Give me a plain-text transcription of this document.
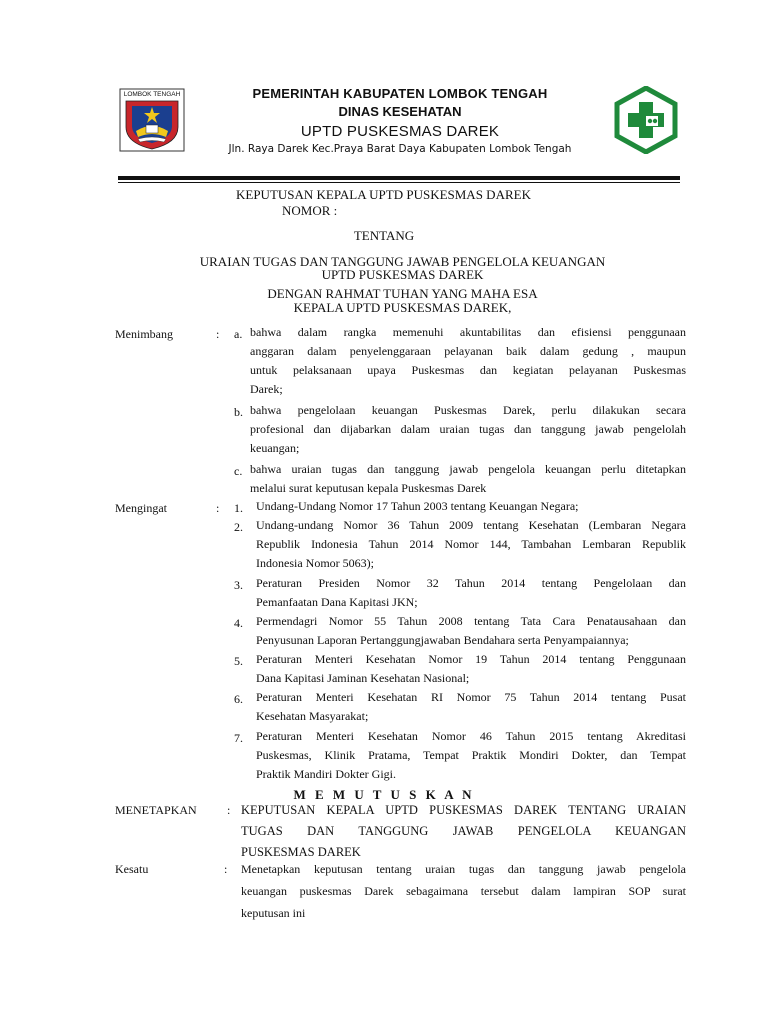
LOMBOK TENGAH	PEMERINTAH KABUPATEN LOMBOK TENGAH
DINAS KESEHATAN
UPTD PUSKESMAS DAREK
Jln. Raya Darek Kec.Praya Barat Daya Kabupaten Lombok Tengah
KEPUTUSAN KEPALA UPTD PUSKESMAS DAREK
NOMOR :
TENTANG
URAIAN TUGAS DAN TANGGUNG JAWAB PENGELOLA KEUANGAN
UPTD PUSKESMAS DAREK
DENGAN RAHMAT TUHAN YANG MAHA ESA
KEPALA UPTD PUSKESMAS DAREK,
Menimbang	: a. bahwa dalam rangka memenuhi akuntabilitas dan efisiensi penggunaan
anggaran dalam penyelenggaraan pelayanan baik dalam gedung , maupun
untuk pelaksanaan upaya Puskesmas dan kegiatan pelayanan Puskesmas
Darek;
b. bahwa pengelolaan keuangan Puskesmas Darek, perlu dilakukan secara
profesional dan dijabarkan dalam uraian tugas dan tanggung jawab pengelolah
keuangan;
c. bahwa uraian tugas dan tanggung jawab pengelola keuangan perlu ditetapkan
melalui surat keputusan kepala Puskesmas Darek
Mengingat	: 1. Undang-Undang Nomor 17 Tahun 2003 tentang Keuangan Negara;
2. Undang-undang Nomor 36 Tahun 2009 tentang Kesehatan (Lembaran Negara
Republik Indonesia Tahun 2014 Nomor 144, Tambahan Lembaran Republik
Indonesia Nomor 5063);
3. Peraturan Presiden Nomor 32 Tahun 2014 tentang Pengelolaan dan
Pemanfaatan Dana Kapitasi JKN;
4. Permendagri Nomor 55 Tahun 2008 tentang Tata Cara Penatausahaan dan
Penyusunan Laporan Pertanggungjawaban Bendahara serta Penyampaiannya;
5. Peraturan Menteri Kesehatan Nomor 19 Tahun 2014 tentang Penggunaan
Dana Kapitasi Jaminan Kesehatan Nasional;
6. Peraturan Menteri Kesehatan RI Nomor 75 Tahun 2014 tentang Pusat
Kesehatan Masyarakat;
7. Peraturan Menteri Kesehatan Nomor 46 Tahun 2015 tentang Akreditasi
Puskesmas, Klinik Pratama, Tempat Praktik Mondiri Dokter, dan Tempat
Praktik Mandiri Dokter Gigi.
M E M U T U S K A N
MENETAPKAN	: KEPUTUSAN KEPALA UPTD PUSKESMAS DAREK TENTANG URAIAN
TUGAS DAN TANGGUNG JAWAB PENGELOLA KEUANGAN
PUSKESMAS DAREK
Kesatu	: Menetapkan keputusan tentang uraian tugas dan tanggung jawab pengelola
keuangan puskesmas Darek sebagaimana tersebut dalam lampiran SOP surat
keputusan ini
